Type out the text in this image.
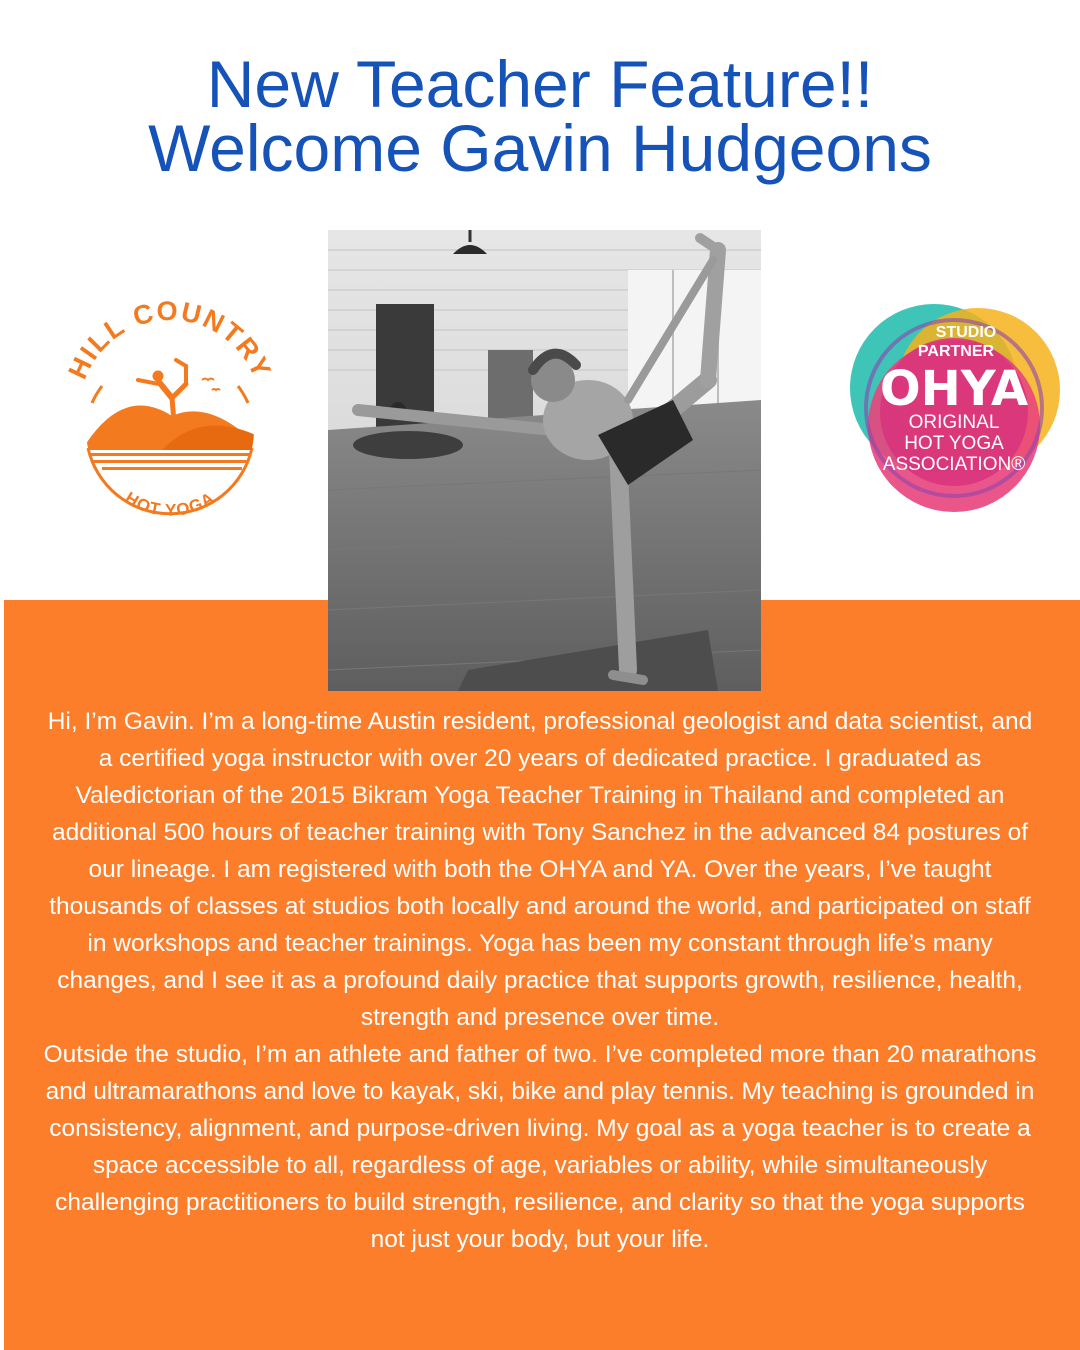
New Teacher Feature!!
Welcome Gavin Hudgeons
HILL COUNTRY
HOT YOGA
STUDIO
PARTNER
OHYA
ORIGINAL
HOT YOGA
ASSOCIATION®

Hi, I’m Gavin. I’m a long-time Austin resident, professional geologist and data scientist, and a certified yoga instructor with over 20 years of dedicated practice. I graduated as Valedictorian of the 2015 Bikram Yoga Teacher Training in Thailand and completed an additional 500 hours of teacher training with Tony Sanchez in the advanced 84 postures of our lineage. I am registered with both the OHYA and YA. Over the years, I’ve taught thousands of classes at studios both locally and around the world, and participated on staff in workshops and teacher trainings. Yoga has been my constant through life’s many changes, and I see it as a profound daily practice that supports growth, resilience, health, strength and presence over time.

Outside the studio, I’m an athlete and father of two. I’ve completed more than 20 marathons and ultramarathons and love to kayak, ski, bike and play tennis. My teaching is grounded in consistency, alignment, and purpose-driven living. My goal as a yoga teacher is to create a space accessible to all, regardless of age, variables or ability, while simultaneously challenging practitioners to build strength, resilience, and clarity so that the yoga supports not just your body, but your life.
